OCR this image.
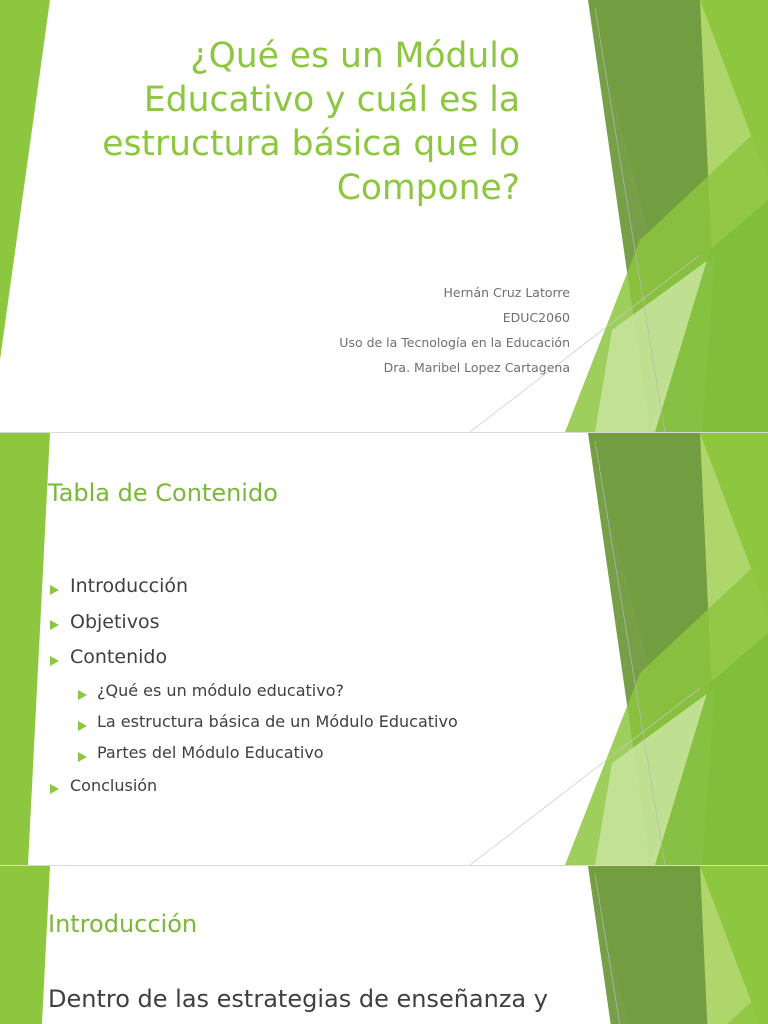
¿Qué es un Módulo
Educativo y cuál es la
estructura básica que lo
Compone?
Hernán Cruz Latorre
EDUC2060
Uso de la Tecnología en la Educación
Dra. Maribel Lopez Cartagena
Tabla de Contenido
Introducción
Objetivos
Contenido
¿Qué es un módulo educativo?
La estructura básica de un Módulo Educativo
Partes del Módulo Educativo
Conclusión
Introducción

Dentro de las estrategias de enseñanza y
